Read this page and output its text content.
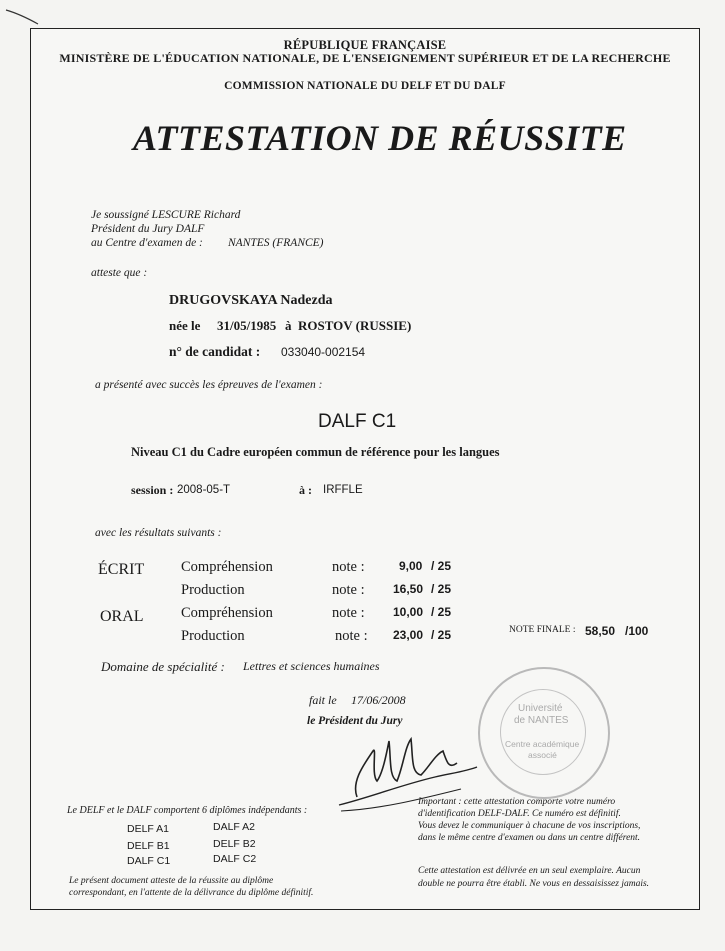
RÉPUBLIQUE FRANÇAISE
MINISTÈRE DE L'ÉDUCATION NATIONALE, DE L'ENSEIGNEMENT SUPÉRIEUR ET DE LA RECHERCHE
COMMISSION NATIONALE DU DELF ET DU DALF
ATTESTATION DE RÉUSSITE
Je soussigné LESCURE Richard
Président du Jury DALF
au Centre d'examen de : NANTES (FRANCE)
atteste que :
DRUGOVSKAYA Nadezda
née le 31/05/1985 à ROSTOV (RUSSIE)
n° de candidat : 033040-002154
a présenté avec succès les épreuves de l'examen :
DALF C1
Niveau C1 du Cadre européen commun de référence pour les langues
session : 2008-05-T	à : IRFFLE
avec les résultats suivants :
ÉCRIT	Compréhension	note :	9,00 / 25
Production	note : 16,50 / 25
ORAL	Compréhension	note : 10,00 / 25
Production	note : 23,00 / 25	NOTE FINALE : 58,50 /100
Domaine de spécialité : Lettres et sciences humaines
fait le 17/06/2008
le Président du Jury
Université
de NANTES
Centre académique
associé
Le DELF et le DALF comportent 6 diplômes indépendants :
DELF A1	DALF A2
DELF B1	DELF B2
DALF C1	DALF C2
Le présent document atteste de la réussite au diplôme
correspondant, en l'attente de la délivrance du diplôme définitif.
Important : cette attestation comporte votre numéro
d'identification DELF-DALF. Ce numéro est définitif.
Vous devez le communiquer à chacune de vos inscriptions,
dans le même centre d'examen ou dans un centre différent.
Cette attestation est délivrée en un seul exemplaire. Aucun
double ne pourra être établi. Ne vous en dessaisissez jamais.
